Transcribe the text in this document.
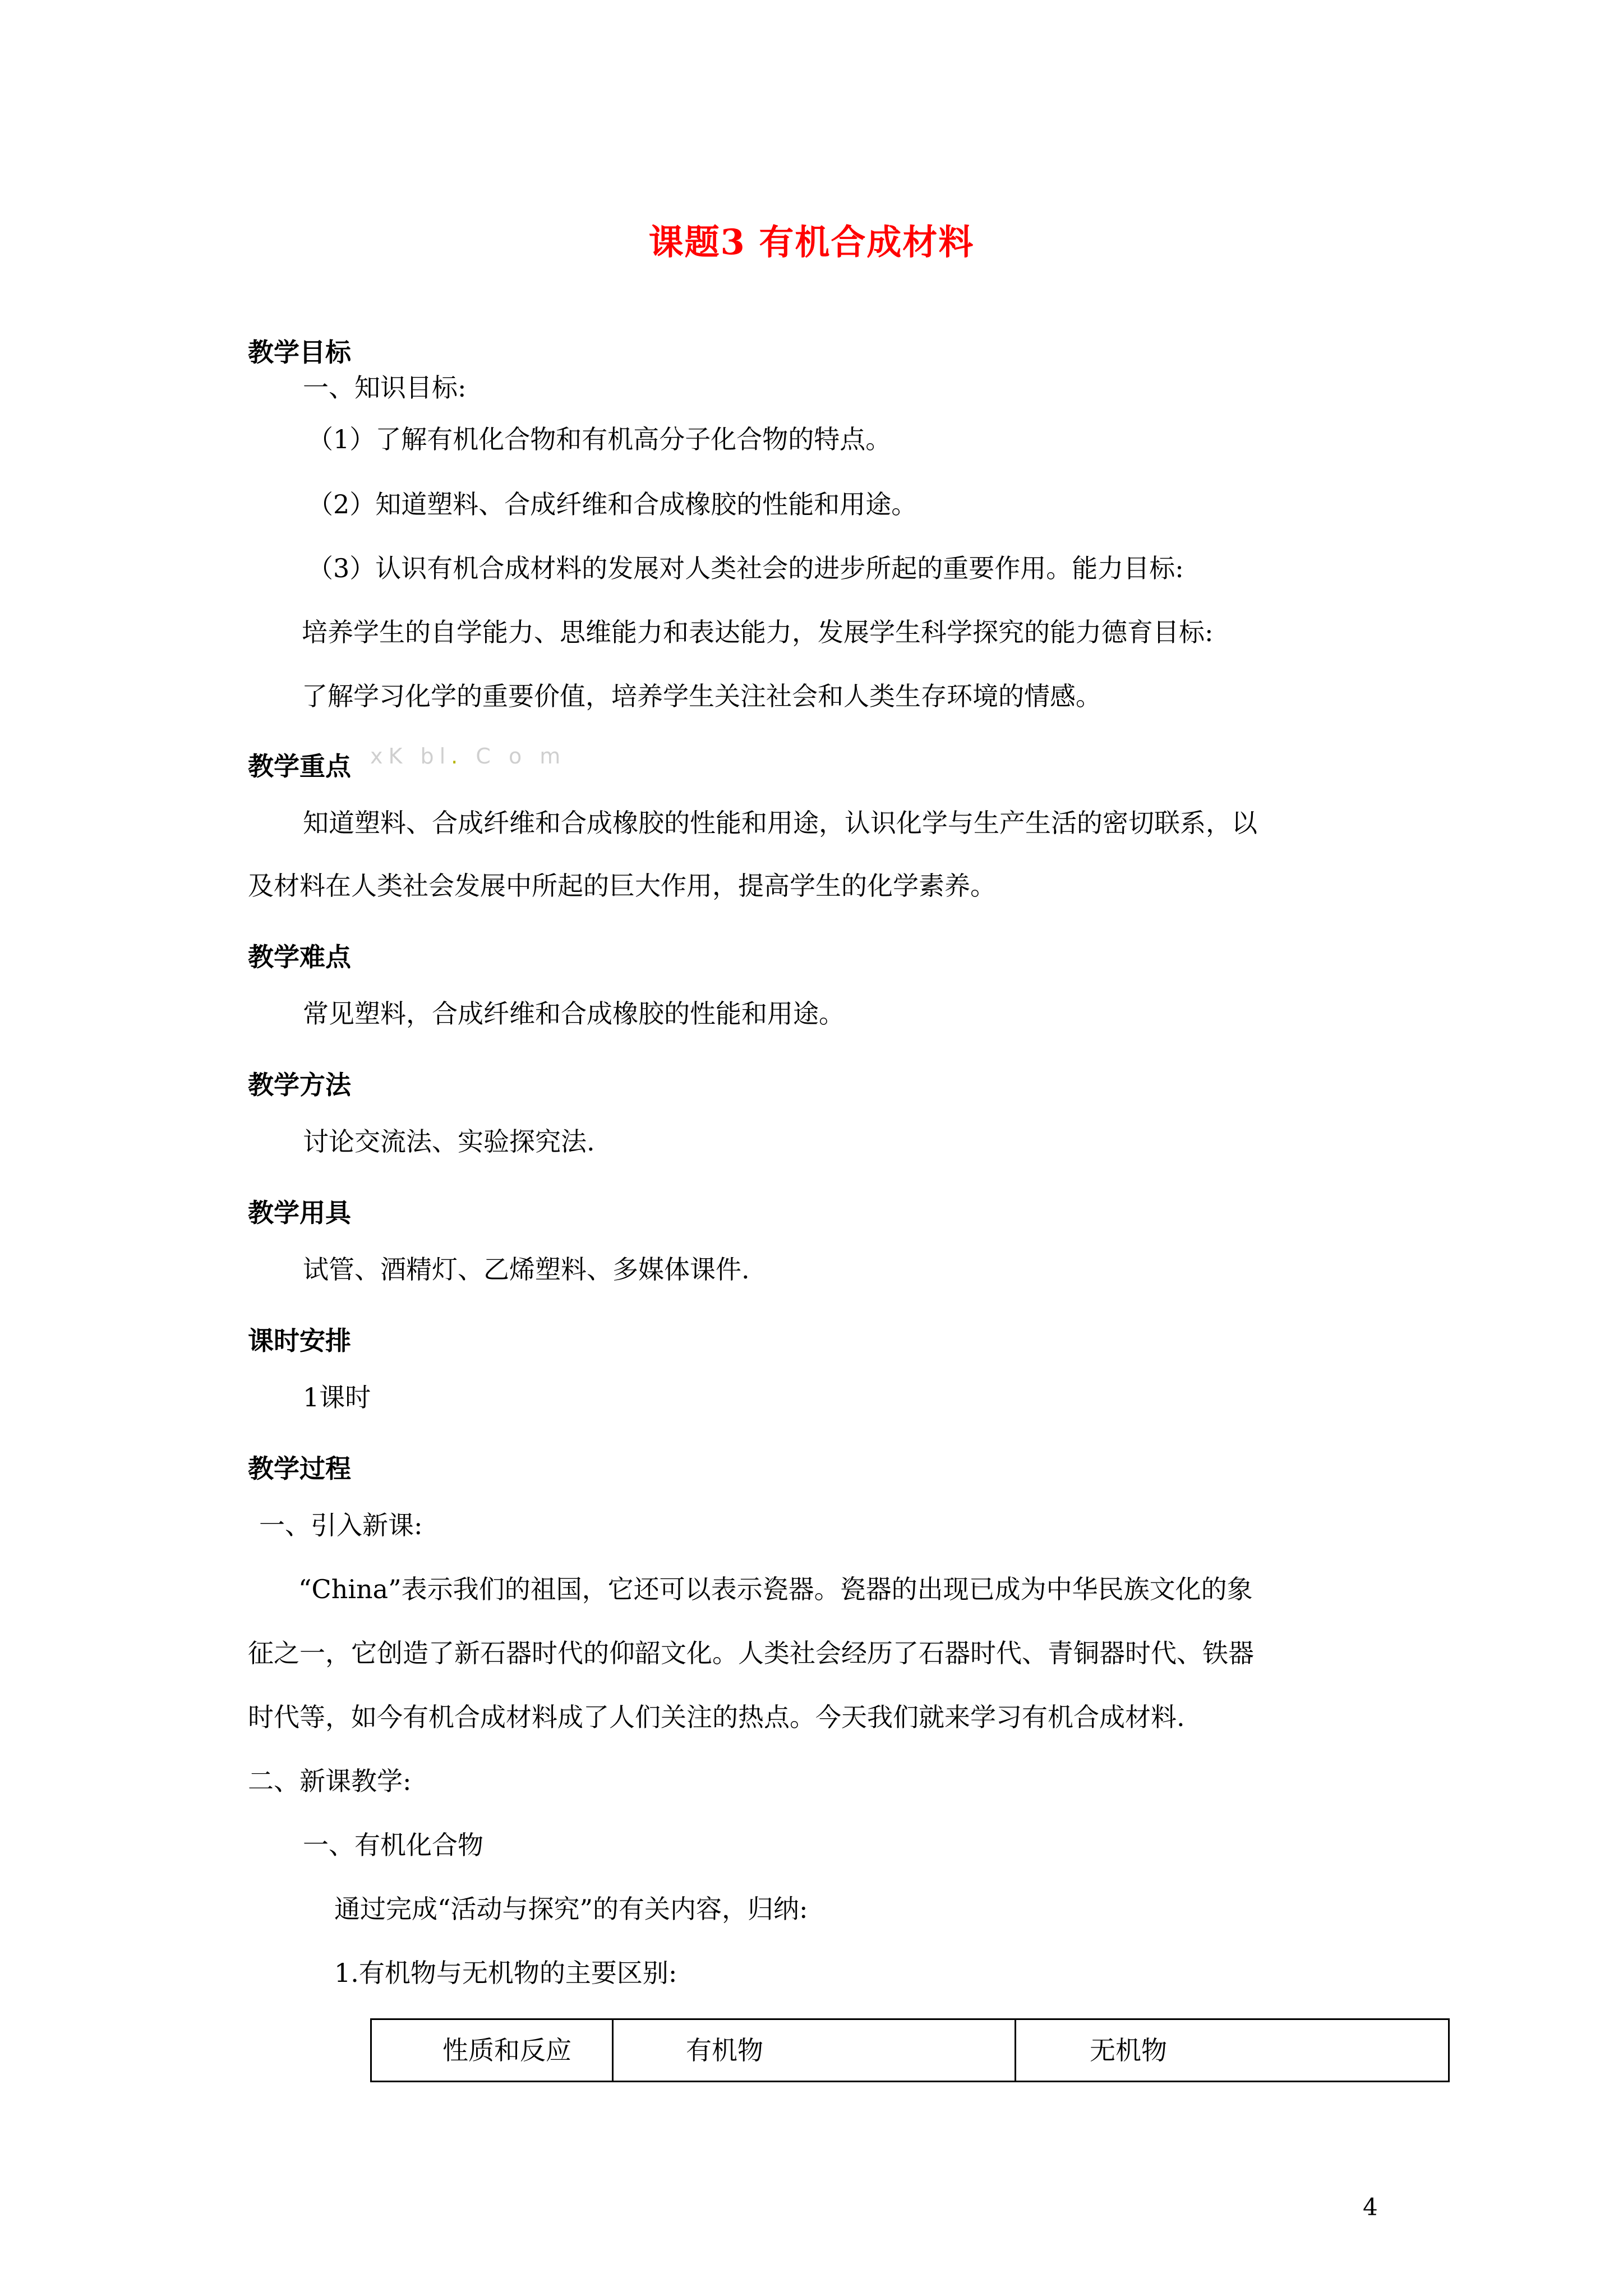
课题3 有机合成材料
教学目标
一、知识目标:
（1）了解有机化合物和有机高分子化合物的特点。
（2）知道塑料、合成纤维和合成橡胶的性能和用途。
（3）认识有机合成材料的发展对人类社会的进步所起的重要作用。能力目标:
培养学生的自学能力、思维能力和表达能力，发展学生科学探究的能力德育目标:
了解学习化学的重要价值，培养学生关注社会和人类生存环境的情感。
教学重点 xK bl. C o m
知道塑料、合成纤维和合成橡胶的性能和用途，认识化学与生产生活的密切联系，以
及材料在人类社会发展中所起的巨大作用，提高学生的化学素养。
教学难点
常见塑料，合成纤维和合成橡胶的性能和用途。
教学方法
讨论交流法、实验探究法.
教学用具
试管、酒精灯、乙烯塑料、多媒体课件.
课时安排
1课时
教学过程
一、引入新课:
“China”表示我们的祖国，它还可以表示瓷器。瓷器的出现已成为中华民族文化的象
征之一，它创造了新石器时代的仰韶文化。人类社会经历了石器时代、青铜器时代、铁器
时代等，如今有机合成材料成了人们关注的热点。今天我们就来学习有机合成材料.
二、新课教学:
一、有机化合物
通过完成“活动与探究”的有关内容，归纳:
1.有机物与无机物的主要区别:
性质和反应	有机物	无机物
4
